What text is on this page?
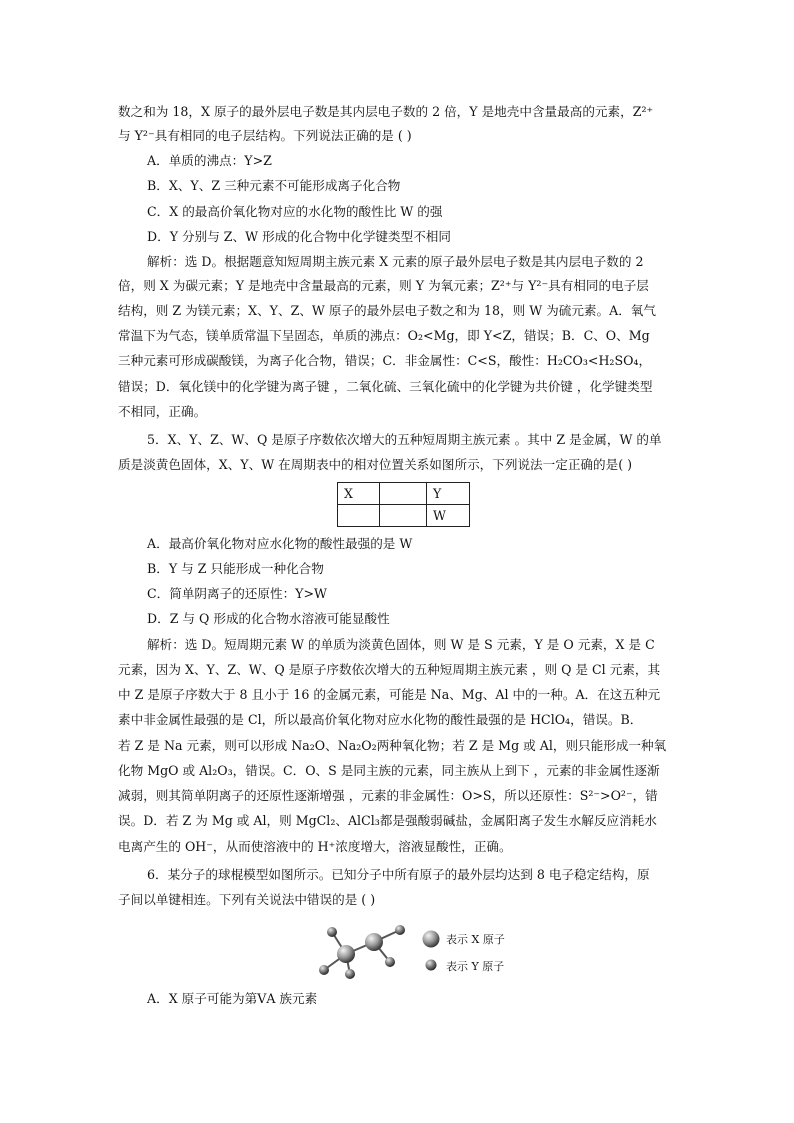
数之和为 18，X 原子的最外层电子数是其内层电子数的 2 倍，Y 是地壳中含量最高的元素，Z²⁺
与 Y²⁻具有相同的电子层结构。下列说法正确的是 ( )
A．单质的沸点：Y>Z
B．X、Y、Z 三种元素不可能形成离子化合物
C．X 的最高价氧化物对应的水化物的酸性比 W 的强
D．Y 分别与 Z、W 形成的化合物中化学键类型不相同
解析：选 D。根据题意知短周期主族元素 X 元素的原子最外层电子数是其内层电子数的 2
倍，则 X 为碳元素；Y 是地壳中含量最高的元素，则 Y 为氧元素；Z²⁺与 Y²⁻具有相同的电子层
结构，则 Z 为镁元素；X、Y、Z、W 原子的最外层电子数之和为 18，则 W 为硫元素。A．氧气
常温下为气态，镁单质常温下呈固态，单质的沸点：O₂<Mg，即 Y<Z，错误；B．C、O、Mg
三种元素可形成碳酸镁，为离子化合物，错误；C．非金属性：C<S，酸性：H₂CO₃<H₂SO₄，
错误；D．氧化镁中的化学键为离子键 ，二氧化硫、三氧化硫中的化学键为共价键 ，化学键类型
不相同，正确。
5．X、Y、Z、W、Q 是原子序数依次增大的五种短周期主族元素 。其中 Z 是金属，W 的单
质是淡黄色固体，X、Y、W 在周期表中的相对位置关系如图所示，下列说法一定正确的是( )
X		Y
		W
A．最高价氧化物对应水化物的酸性最强的是 W
B．Y 与 Z 只能形成一种化合物
C．简单阴离子的还原性：Y>W
D．Z 与 Q 形成的化合物水溶液可能显酸性
解析：选 D。短周期元素 W 的单质为淡黄色固体，则 W 是 S 元素，Y 是 O 元素，X 是 C
元素，因为 X、Y、Z、W、Q 是原子序数依次增大的五种短周期主族元素 ，则 Q 是 Cl 元素，其
中 Z 是原子序数大于 8 且小于 16 的金属元素，可能是 Na、Mg、Al 中的一种。A．在这五种元
素中非金属性最强的是 Cl，所以最高价氧化物对应水化物的酸性最强的是 HClO₄，错误。B．
若 Z 是 Na 元素，则可以形成 Na₂O、Na₂O₂两种氧化物；若 Z 是 Mg 或 Al，则只能形成一种氧
化物 MgO 或 Al₂O₃，错误。C．O、S 是同主族的元素，同主族从上到下 ，元素的非金属性逐渐
减弱，则其简单阴离子的还原性逐渐增强 ，元素的非金属性：O>S，所以还原性：S²⁻>O²⁻，错
误。D．若 Z 为 Mg 或 Al，则 MgCl₂、AlCl₃都是强酸弱碱盐，金属阳离子发生水解反应消耗水
电离产生的 OH⁻，从而使溶液中的 H⁺浓度增大，溶液显酸性，正确。
6．某分子的球棍模型如图所示。已知分子中所有原子的最外层均达到 8 电子稳定结构，原
子间以单键相连。下列有关说法中错误的是 ( )
表示 X 原子
表示 Y 原子
A．X 原子可能为第ⅤA 族元素
